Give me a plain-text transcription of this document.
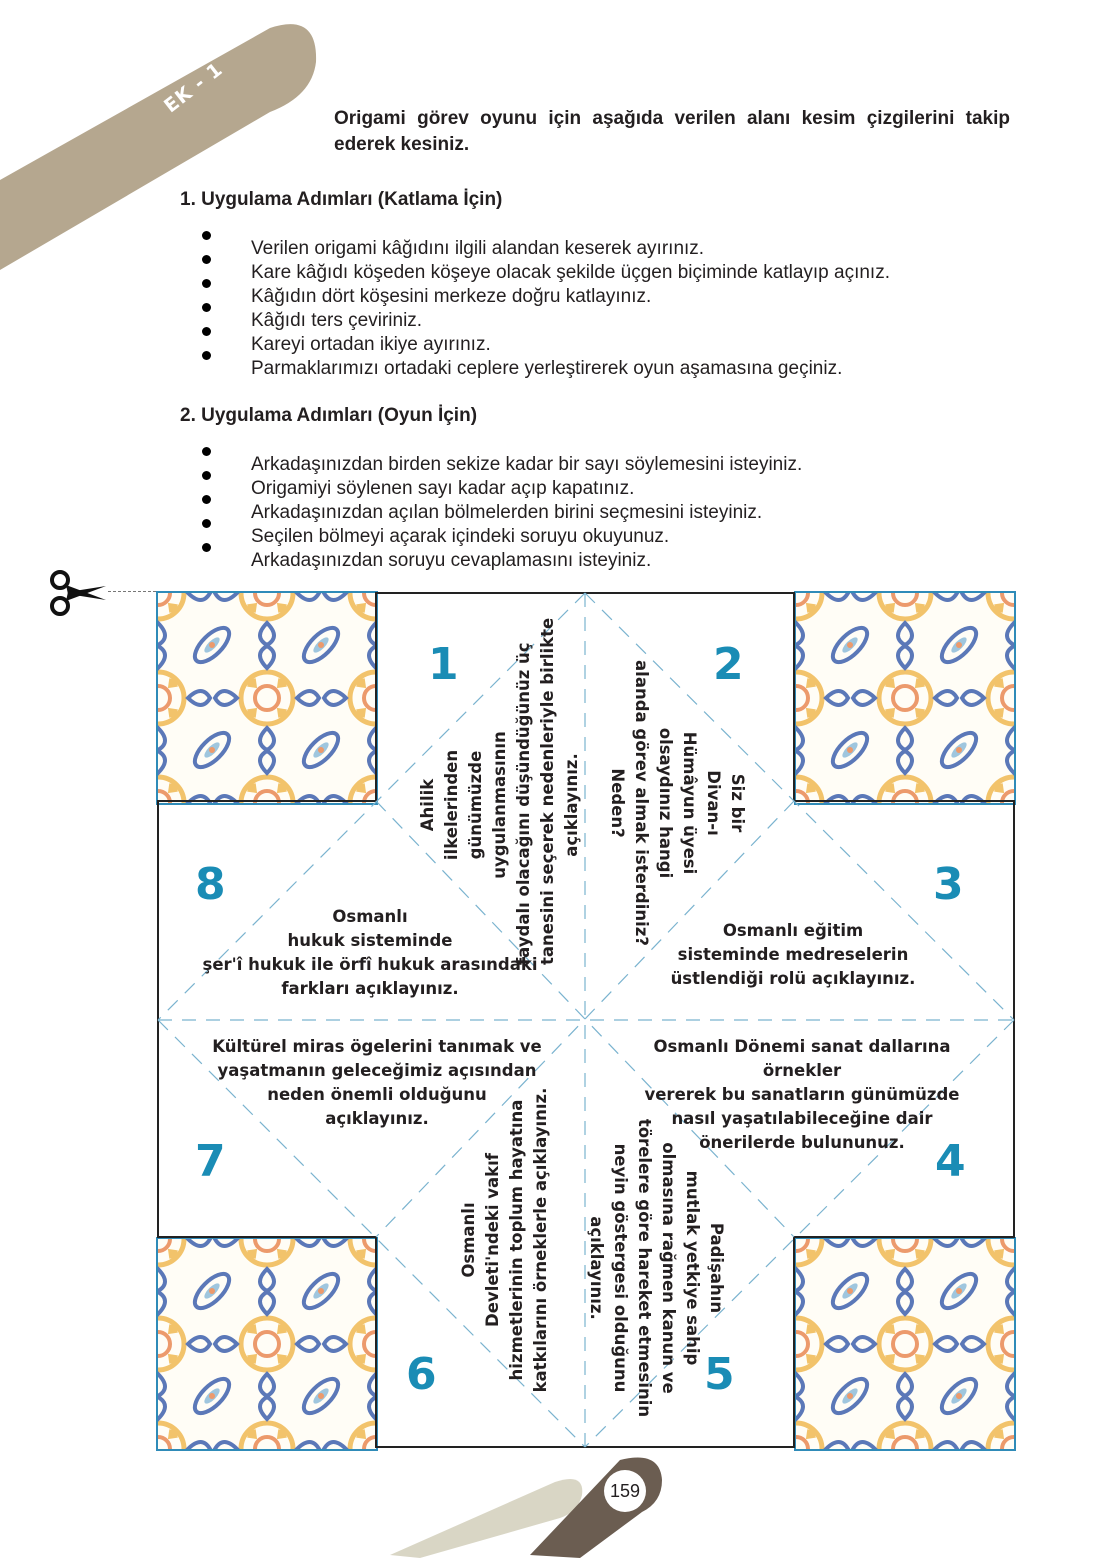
EK - 1
Origami görev oyunu için aşağıda verilen alanı kesim çizgilerini takip ederek kesiniz.
1. Uygulama Adımları (Katlama İçin)
Verilen origami kâğıdını ilgili alandan keserek ayırınız.
Kare kâğıdı köşeden köşeye olacak şekilde üçgen biçiminde katlayıp açınız.
Kâğıdın dört köşesini merkeze doğru katlayınız.
Kâğıdı ters çeviriniz.
Kareyi ortadan ikiye ayırınız.
Parmaklarımızı ortadaki ceplere yerleştirerek oyun aşamasına geçiniz.
2. Uygulama Adımları (Oyun İçin)
Arkadaşınızdan birden sekize kadar bir sayı söylemesini isteyiniz.
Origamiyi söylenen sayı kadar açıp kapatınız.
Arkadaşınızdan açılan bölmelerden birini seçmesini isteyiniz.
Seçilen bölmeyi açarak içindeki soruyu okuyunuz.
Arkadaşınızdan soruyu cevaplamasını isteyiniz.
1	2
3
4
5
6
7
8
Ahilik ilkelerinden günümüzde uygulanmasının faydalı olacağını düşündüğünüz üç tanesini seçerek nedenleriyle birlikte açıklayınız.	Siz bir
Divan-ı
Hümâyun üyesi
olsaydınız hangi
alanda görev almak isterdiniz?
Neden?
Osmanlı eğitim
sisteminde medreselerin
üstlendiği rolü açıklayınız.
Osmanlı Dönemi sanat dallarına örnekler
vererek bu sanatların günümüzde
nasıl yaşatılabileceğine dair
önerilerde bulununuz.
Padişahın
mutlak yetkiye sahip
olmasına rağmen kanun ve
törelere göre hareket etmesinin
neyin göstergesi olduğunu
açıklayınız.
Osmanlı Devleti'ndeki vakıf hizmetlerinin toplum hayatına katkılarını örneklerle açıklayınız.
Kültürel miras ögelerini tanımak ve
yaşatmanın geleceğimiz açısından
neden önemli olduğunu
açıklayınız.
Osmanlı
hukuk sisteminde
şer'î hukuk ile örfî hukuk arasındaki
farkları açıklayınız.
159
